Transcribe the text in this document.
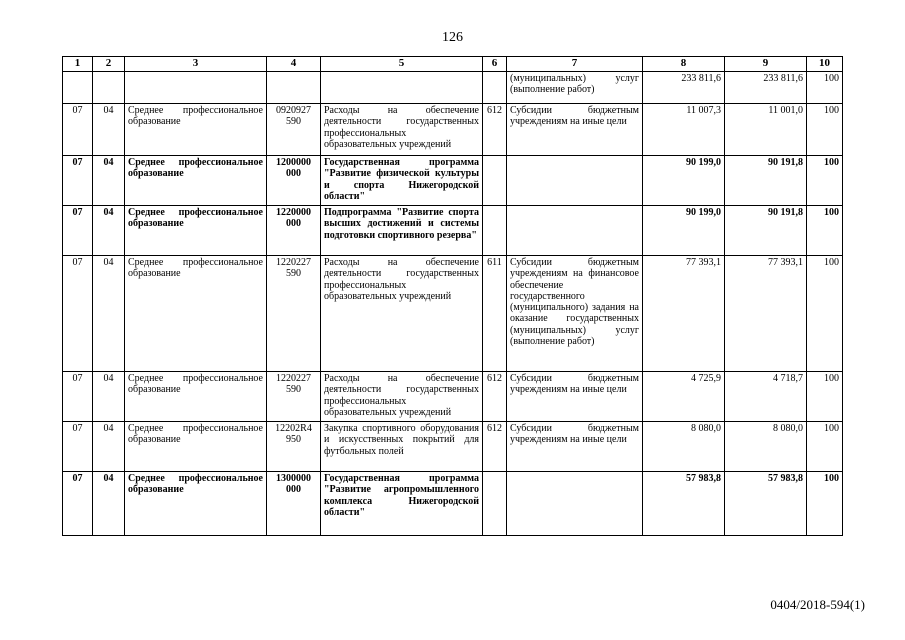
126
1	2	3	4	5	6	7	8	9	10
						(муниципальных) услуг (выполнение работ)	233 811,6	233 811,6	100
07	04	Среднее профессиональное образование	0920927 590	Расходы на обеспечение деятельности государственных профессиональных образовательных учреждений	612	Субсидии бюджетным учреждениям на иные цели	11 007,3	11 001,0	100
07	04	Среднее профессиональное образование	1200000 000	Государственная программа "Развитие физической культуры и спорта Нижегородской области"			90 199,0	90 191,8	100
07	04	Среднее профессиональное образование	1220000 000	Подпрограмма "Развитие спорта высших достижений и системы подготовки спортивного резерва"			90 199,0	90 191,8	100
07	04	Среднее профессиональное образование	1220227 590	Расходы на обеспечение деятельности государственных профессиональных образовательных учреждений	611	Субсидии бюджетным учреждениям на финансовое обеспечение государственного (муниципального) задания на оказание государственных (муниципальных) услуг (выполнение работ)	77 393,1	77 393,1	100
07	04	Среднее профессиональное образование	1220227 590	Расходы на обеспечение деятельности государственных профессиональных образовательных учреждений	612	Субсидии бюджетным учреждениям на иные цели	4 725,9	4 718,7	100
07	04	Среднее профессиональное образование	12202R4 950	Закупка спортивного оборудования и искусственных покрытий для футбольных полей	612	Субсидии бюджетным учреждениям на иные цели	8 080,0	8 080,0	100
07	04	Среднее профессиональное образование	1300000 000	Государственная программа "Развитие агропромышленного комплекса Нижегородской области"			57 983,8	57 983,8	100
0404/2018-594(1)
